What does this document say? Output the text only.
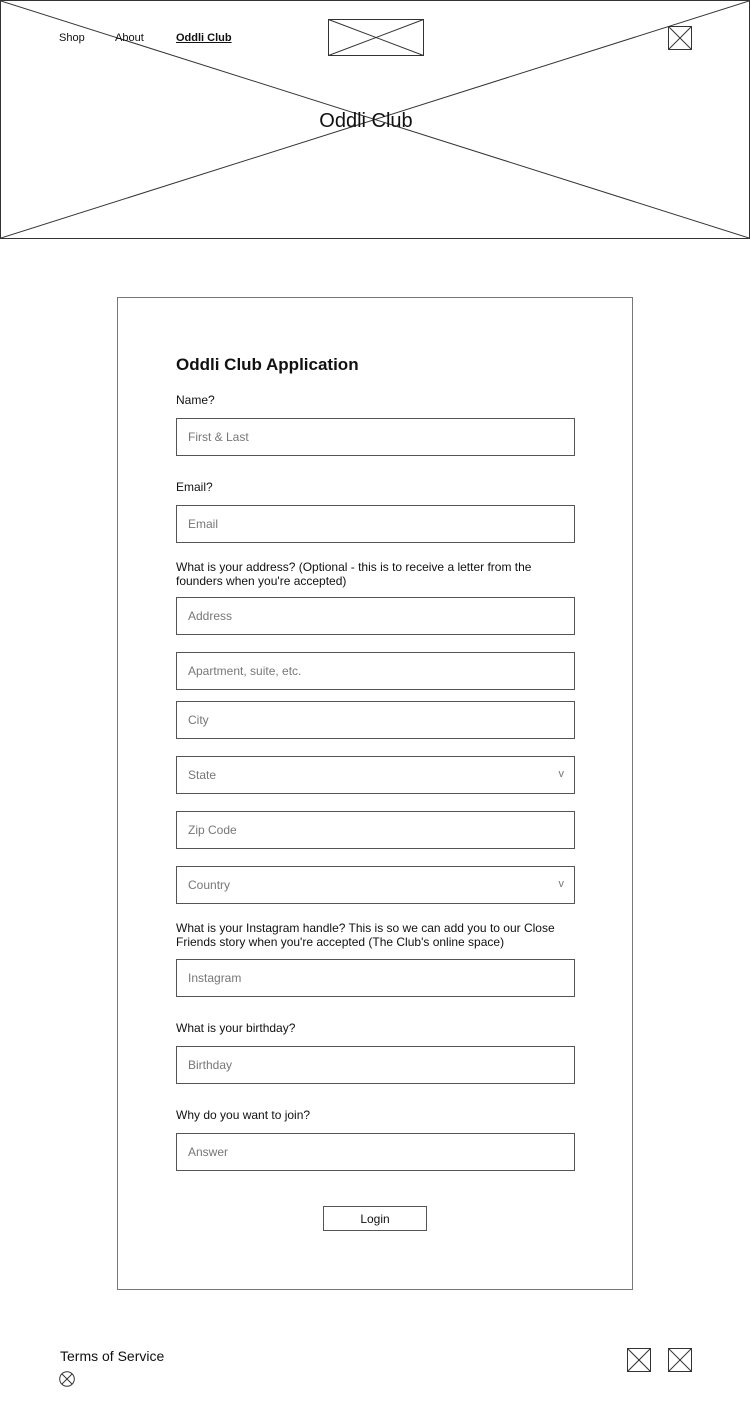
Shop	About	Oddli Club
Oddli Club
Oddli Club Application
Name?
First & Last
Email?
Email
What is your address? (Optional - this is to receive a letter from the founders when you're accepted)
Address
Apartment, suite, etc.
City
State	v
Zip Code
Country	v
What is your Instagram handle? This is so we can add you to our Close Friends story when you're accepted (The Club's online space)
Instagram
What is your birthday?
Birthday
Why do you want to join?
Answer
Login
Terms of Service
